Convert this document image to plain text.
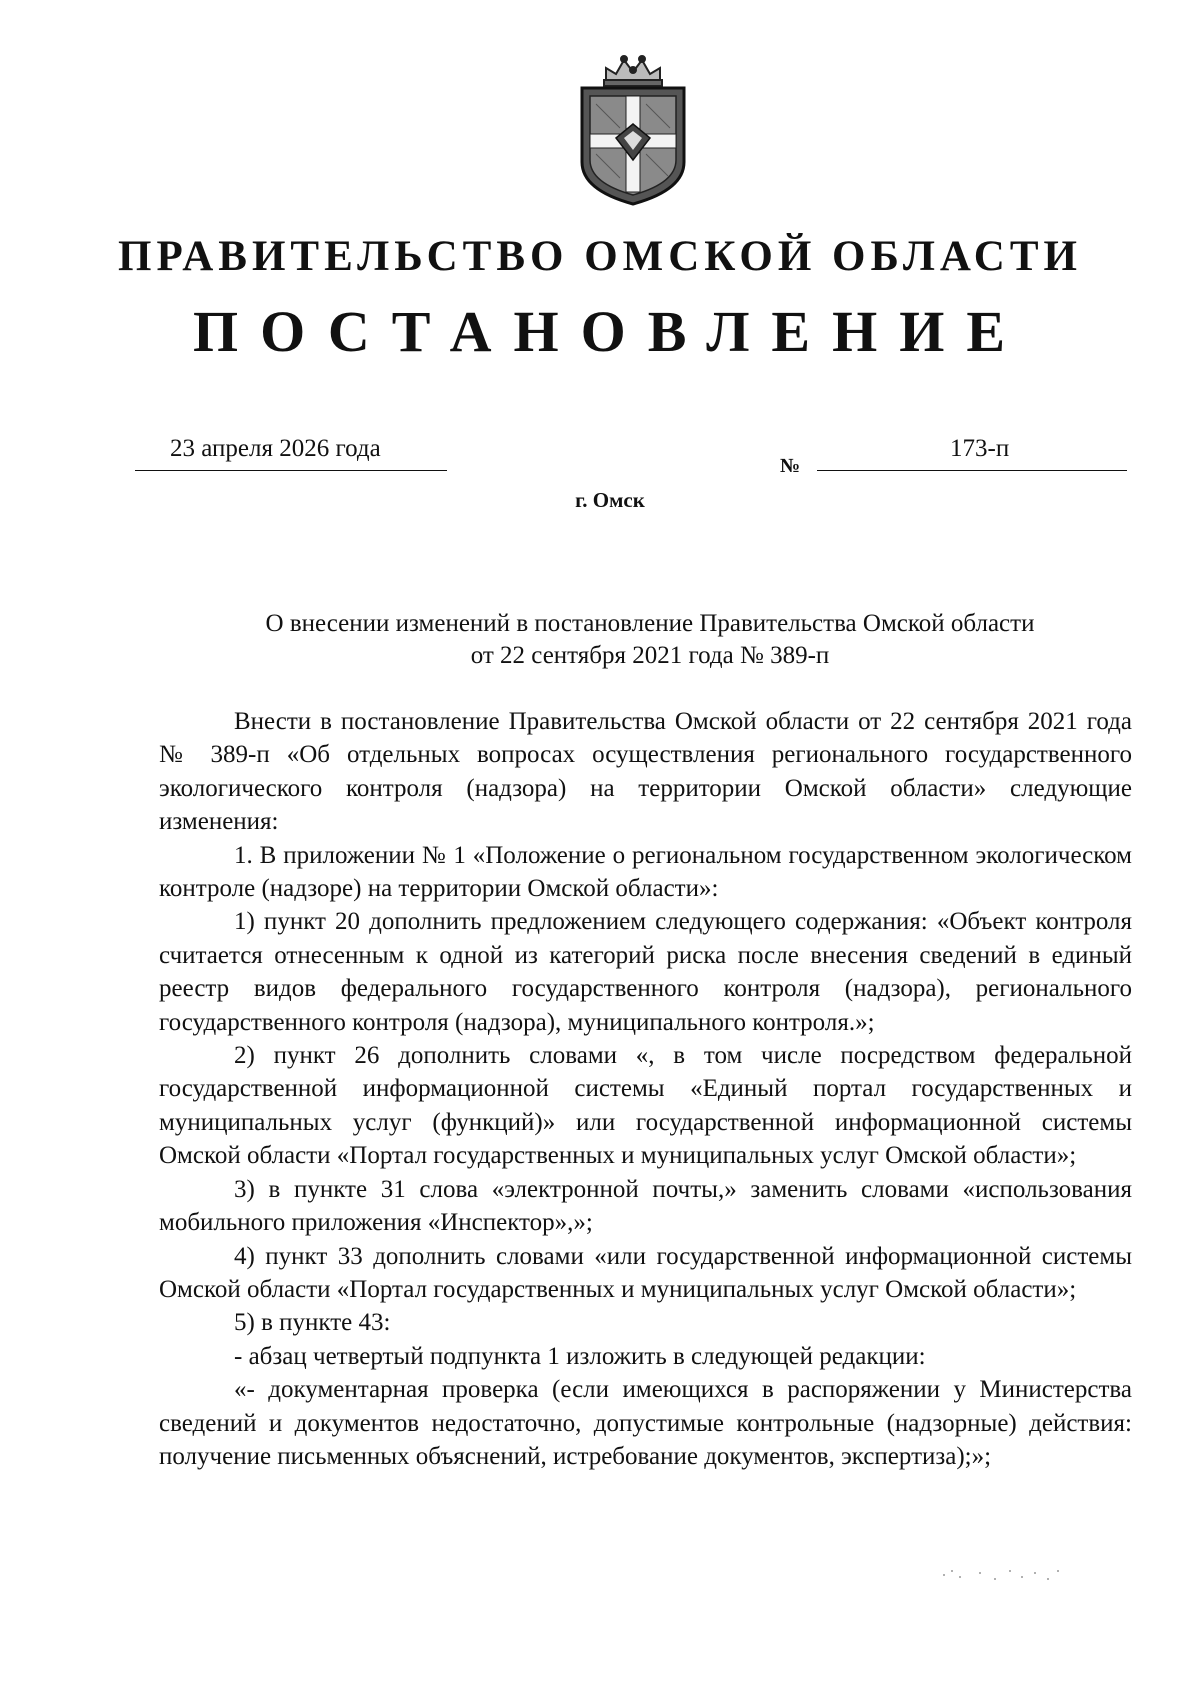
ПРАВИТЕЛЬСТВО ОМСКОЙ ОБЛАСТИ
ПОСТАНОВЛЕНИЕ
23 апреля 2026 года
№
173-п
г. Омск
О внесении изменений в постановление Правительства Омской области
от 22 сентября 2021 года № 389-п

Внести в постановление Правительства Омской области от 22 сентября 2021 года № 389-п «Об отдельных вопросах осуществления регионального государственного экологического контроля (надзора) на территории Омской области» следующие изменения:

1. В приложении № 1 «Положение о региональном государственном экологическом контроле (надзоре) на территории Омской области»:

1) пункт 20 дополнить предложением следующего содержания: «Объект контроля считается отнесенным к одной из категорий риска после внесения сведений в единый реестр видов федерального государственного контроля (надзора), регионального государственного контроля (надзора), муниципального контроля.»;

2) пункт 26 дополнить словами «, в том числе посредством федеральной государственной информационной системы «Единый портал государственных и муниципальных услуг (функций)» или государственной информационной системы Омской области «Портал государственных и муниципальных услуг Омской области»;

3) в пункте 31 слова «электронной почты,» заменить словами «использования мобильного приложения «Инспектор»,»;

4) пункт 33 дополнить словами «или государственной информационной системы Омской области «Портал государственных и муниципальных услуг Омской области»;

5) в пункте 43:

- абзац четвертый подпункта 1 изложить в следующей редакции:

«- документарная проверка (если имеющихся в распоряжении у Министерства сведений и документов недостаточно, допустимые контрольные (надзорные) действия: получение письменных объяснений, истребование документов, экспертиза);»;
